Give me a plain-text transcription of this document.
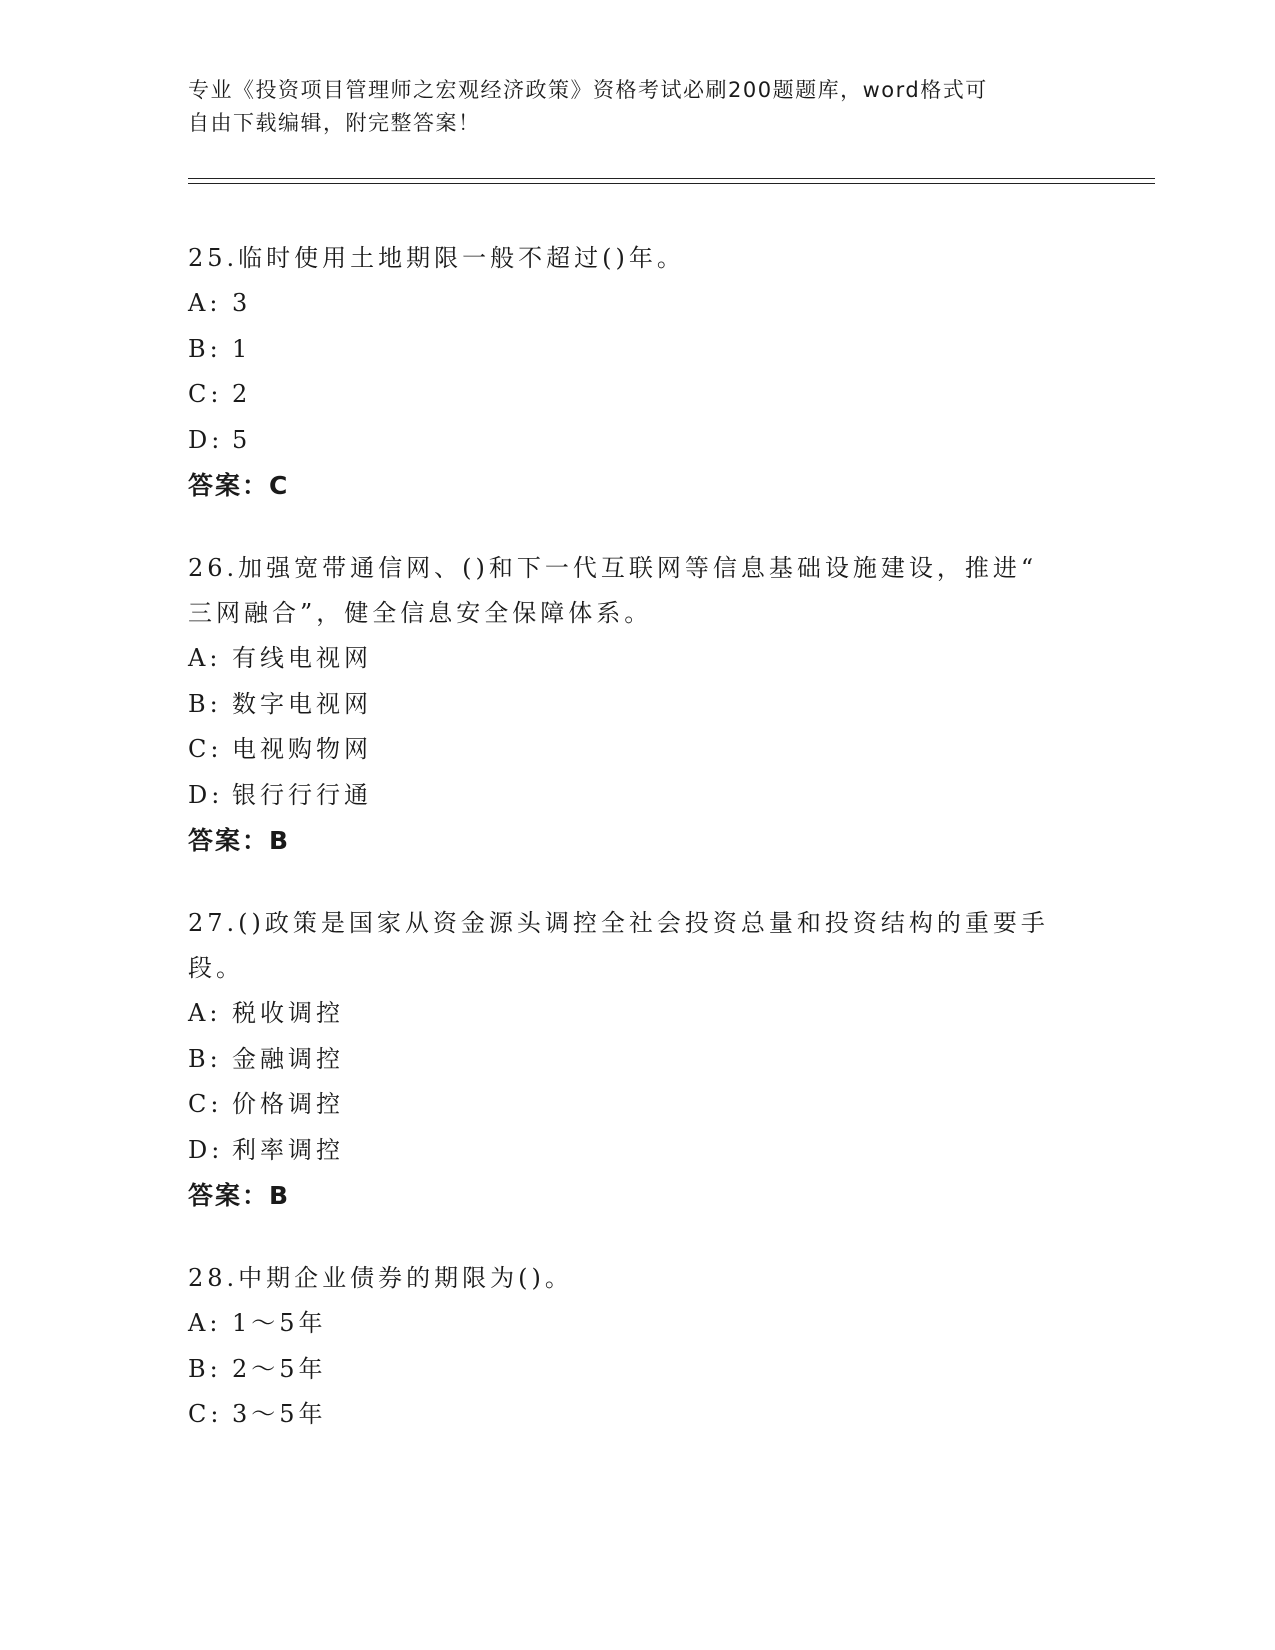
专业《投资项目管理师之宏观经济政策》资格考试必刷200题题库，word格式可
自由下载编辑，附完整答案！
25.临时使用土地期限一般不超过()年。
A: 3
B: 1
C: 2
D: 5
答案：C
26.加强宽带通信网、()和下一代互联网等信息基础设施建设，推进“
三网融合”，健全信息安全保障体系。
A: 有线电视网
B: 数字电视网
C: 电视购物网
D: 银行行行通
答案：B
27.()政策是国家从资金源头调控全社会投资总量和投资结构的重要手
段。
A: 税收调控
B: 金融调控
C: 价格调控
D: 利率调控
答案：B
28.中期企业债券的期限为()。
A: 1～5年
B: 2～5年
C: 3～5年
